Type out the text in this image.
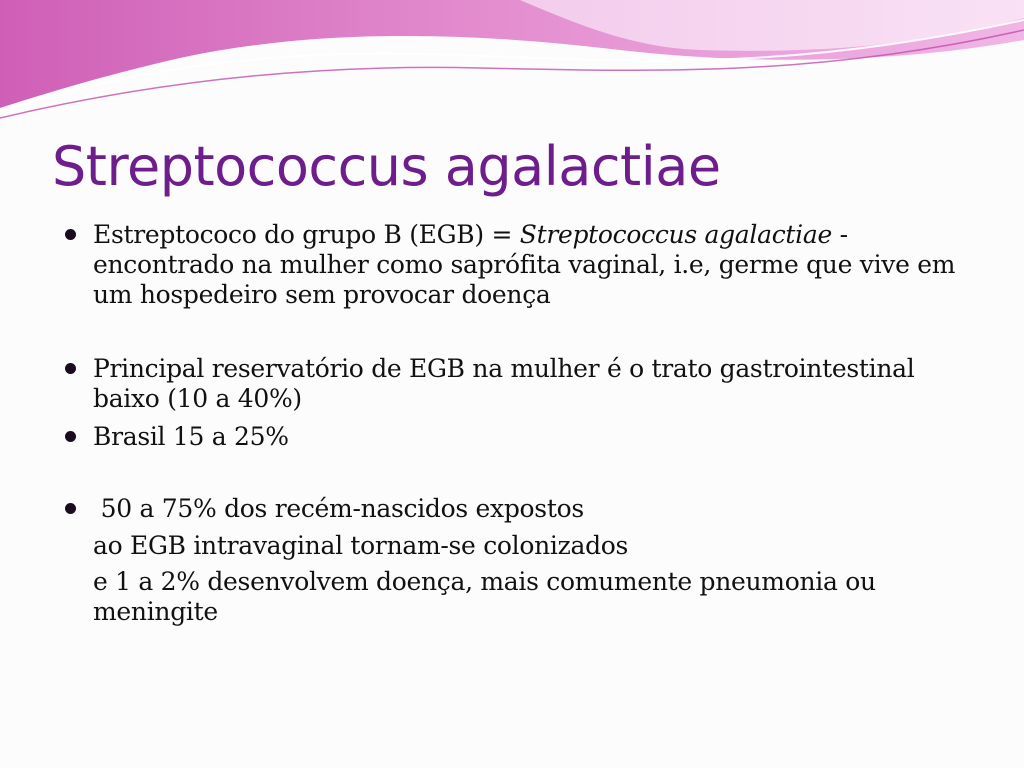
Streptococcus agalactiae

Estreptococo do grupo B (EGB) = Streptococcus agalactiae - encontrado na mulher como saprófita vaginal, i.e, germe que vive em um hospedeiro sem provocar doença

Principal reservatório de EGB na mulher é o trato gastrointestinal baixo (10 a 40%)

Brasil 15 a 25%

50 a 75% dos recém-nascidos expostos

ao EGB intravaginal tornam-se colonizados

e 1 a 2% desenvolvem doença, mais comumente pneumonia ou meningite
